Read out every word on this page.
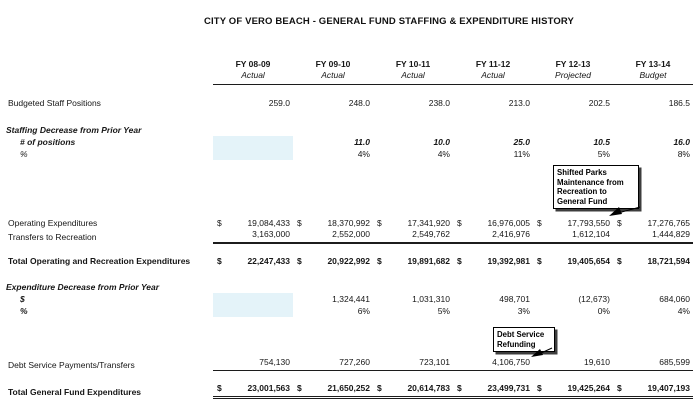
CITY OF VERO BEACH - GENERAL FUND STAFFING & EXPENDITURE HISTORY
	FY 08-09	FY 09-10	FY 10-11	FY 11-12	FY 12-13	FY 13-14
	Actual	Actual	Actual	Actual	Projected	Budget

Budgeted Staff Positions	259.0	248.0	238.0	213.0	202.5	186.5

Staffing Decrease from Prior Year						
# of positions		11.0	10.0	25.0	10.5	16.0
%		4%	4%	11%	5%	8%

Operating Expenditures	$ 19,084,433	$ 18,370,992	$ 17,341,920	$ 16,976,005	$ 17,793,550	$ 17,276,765
Transfers to Recreation	3,163,000	2,552,000	2,549,762	2,416,976	1,612,104	1,444,829

Total Operating and Recreation Expenditures	$ 22,247,433	$ 20,922,992	$ 19,891,682	$ 19,392,981	$ 19,405,654	$ 18,721,594

Expenditure Decrease from Prior Year						
$		1,324,441	1,031,310	498,701	(12,673)	684,060
%		6%	5%	3%	0%	4%

Debt Service Payments/Transfers	754,130	727,260	723,101	4,106,750	19,610	685,599

Total General Fund Expenditures	$ 23,001,563	$ 21,650,252	$ 20,614,783	$ 23,499,731	$ 19,425,264	$ 19,407,193
Shifted Parks Maintenance from Recreation to General Fund
Debt Service Refunding
